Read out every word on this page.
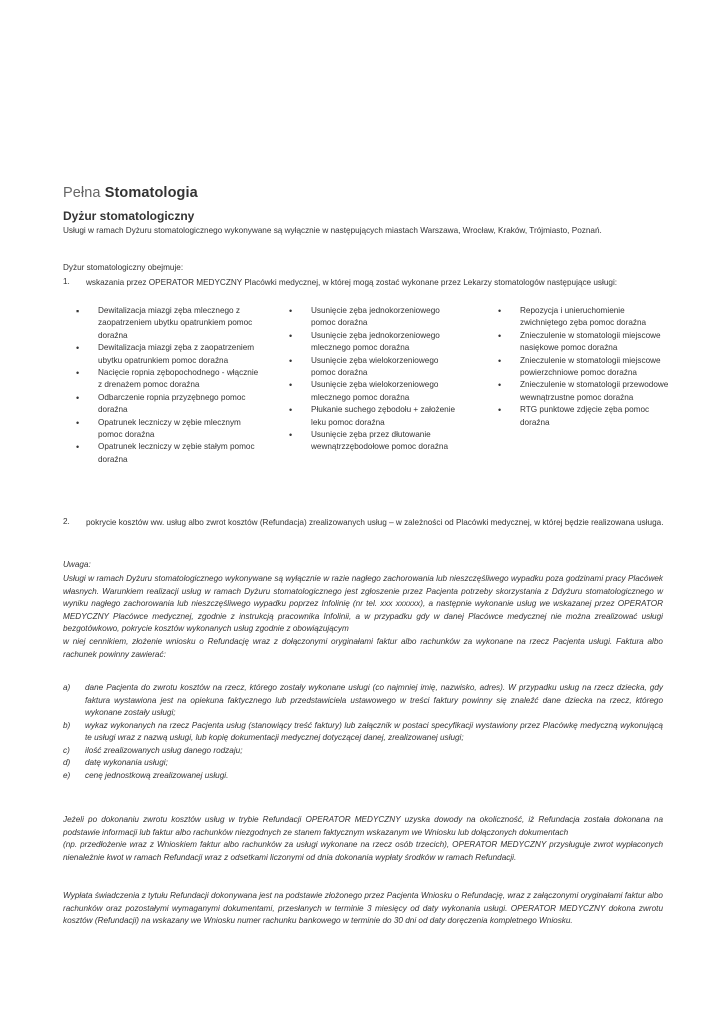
Pełna Stomatologia
Dyżur stomatologiczny
Usługi w ramach Dyżuru stomatologicznego wykonywane są wyłącznie w następujących miastach Warszawa, Wrocław, Kraków, Trójmiasto, Poznań.
Dyżur stomatologiczny obejmuje:
1. wskazania przez OPERATOR MEDYCZNY Placówki medycznej, w której mogą zostać wykonane przez Lekarzy stomatologów następujące usługi:
▪	Dewitalizacja miazgi zęba mlecznego z zaopatrzeniem ubytku opatrunkiem pomoc doraźna
•	Dewitalizacja miazgi zęba z zaopatrzeniem ubytku opatrunkiem pomoc doraźna
•	Nacięcie ropnia zębopochodnego - włącznie z drenażem pomoc doraźna
•	Odbarczenie ropnia przyzębnego pomoc doraźna
•	Opatrunek leczniczy w zębie mlecznym pomoc doraźna
•	Opatrunek leczniczy w zębie stałym pomoc doraźna
•	Usunięcie zęba jednokorzeniowego pomoc doraźna
•	Usunięcie zęba jednokorzeniowego mlecznego pomoc doraźna
•	Usunięcie zęba wielokorzeniowego pomoc doraźna
•	Usunięcie zęba wielokorzeniowego mlecznego pomoc doraźna
•	Płukanie suchego zębodołu + założenie leku pomoc doraźna
•	Usunięcie zęba przez dłutowanie wewnątrzzębodołowe pomoc doraźna
•	Repozycja i unieruchomienie zwichniętego zęba pomoc doraźna
•	Znieczulenie w stomatologii miejscowe nasiękowe pomoc doraźna
•	Znieczulenie w stomatologii miejscowe powierzchniowe pomoc doraźna
•	Znieczulenie w stomatologii przewodowe wewnątrzustne pomoc doraźna
•	RTG punktowe zdjęcie zęba pomoc doraźna
2. pokrycie kosztów ww. usług albo zwrot kosztów (Refundacja) zrealizowanych usług – w zależności od Placówki medycznej, w której będzie realizowana usługa.
Uwaga:
Usługi w ramach Dyżuru stomatologicznego wykonywane są wyłącznie w razie nagłego zachorowania lub nieszczęśliwego wypadku poza godzinami pracy Placówek własnych. Warunkiem realizacji usług w ramach Dyżuru stomatologicznego jest zgłoszenie przez Pacjenta potrzeby skorzystania z Ddyżuru stomatologicznego w wyniku nagłego zachorowania lub nieszczęśliwego wypadku poprzez Infolinię (nr tel. xxx xxxxxx), a następnie wykonanie usług we wskazanej przez OPERATOR MEDYCZNY Placówce medycznej, zgodnie z instrukcją pracownika Infolinii, a w przypadku gdy w danej Placówce medycznej nie można zrealizować usługi bezgotówkowo, pokrycie kosztów wykonanych usług zgodnie z obowiązującym
w niej cennikiem, złożenie wniosku o Refundację wraz z dołączonymi oryginałami faktur albo rachunków za wykonane na rzecz Pacjenta usługi. Faktura albo rachunek powinny zawierać:
a)	dane Pacjenta do zwrotu kosztów na rzecz, którego zostały wykonane usługi (co najmniej imię, nazwisko, adres). W przypadku usług na rzecz dziecka, gdy faktura wystawiona jest na opiekuna faktycznego lub przedstawiciela ustawowego w treści faktury powinny się znaleźć dane dziecka na rzecz, którego wykonane zostały usługi;
b)	wykaz wykonanych na rzecz Pacjenta usług (stanowiący treść faktury) lub załącznik w postaci specyfikacji wystawiony przez Placówkę medyczną wykonującą te usługi wraz z nazwą usługi, lub kopię dokumentacji medycznej dotyczącej danej, zrealizowanej usługi;
c)	ilość zrealizowanych usług danego rodzaju;
d)	datę wykonania usługi;
e)	cenę jednostkową zrealizowanej usługi.
Jeżeli po dokonaniu zwrotu kosztów usług w trybie Refundacji OPERATOR MEDYCZNY uzyska dowody na okoliczność, iż Refundacja została dokonana na podstawie informacji lub faktur albo rachunków niezgodnych ze stanem faktycznym wskazanym we Wniosku lub dołączonych dokumentach
(np. przedłożenie wraz z Wnioskiem faktur albo rachunków za usługi wykonane na rzecz osób trzecich), OPERATOR MEDYCZNY przysługuje zwrot wypłaconych nienależnie kwot w ramach Refundacji wraz z odsetkami liczonymi od dnia dokonania wypłaty środków w ramach Refundacji.
Wypłata świadczenia z tytułu Refundacji dokonywana jest na podstawie złożonego przez Pacjenta Wniosku o Refundację, wraz z załączonymi oryginałami faktur albo rachunków oraz pozostałymi wymaganymi dokumentami, przesłanych w terminie 3 miesięcy od daty wykonania usługi. OPERATOR MEDYCZNY dokona zwrotu kosztów (Refundacji) na wskazany we Wniosku numer rachunku bankowego w terminie do 30 dni od daty doręczenia kompletnego Wniosku.
